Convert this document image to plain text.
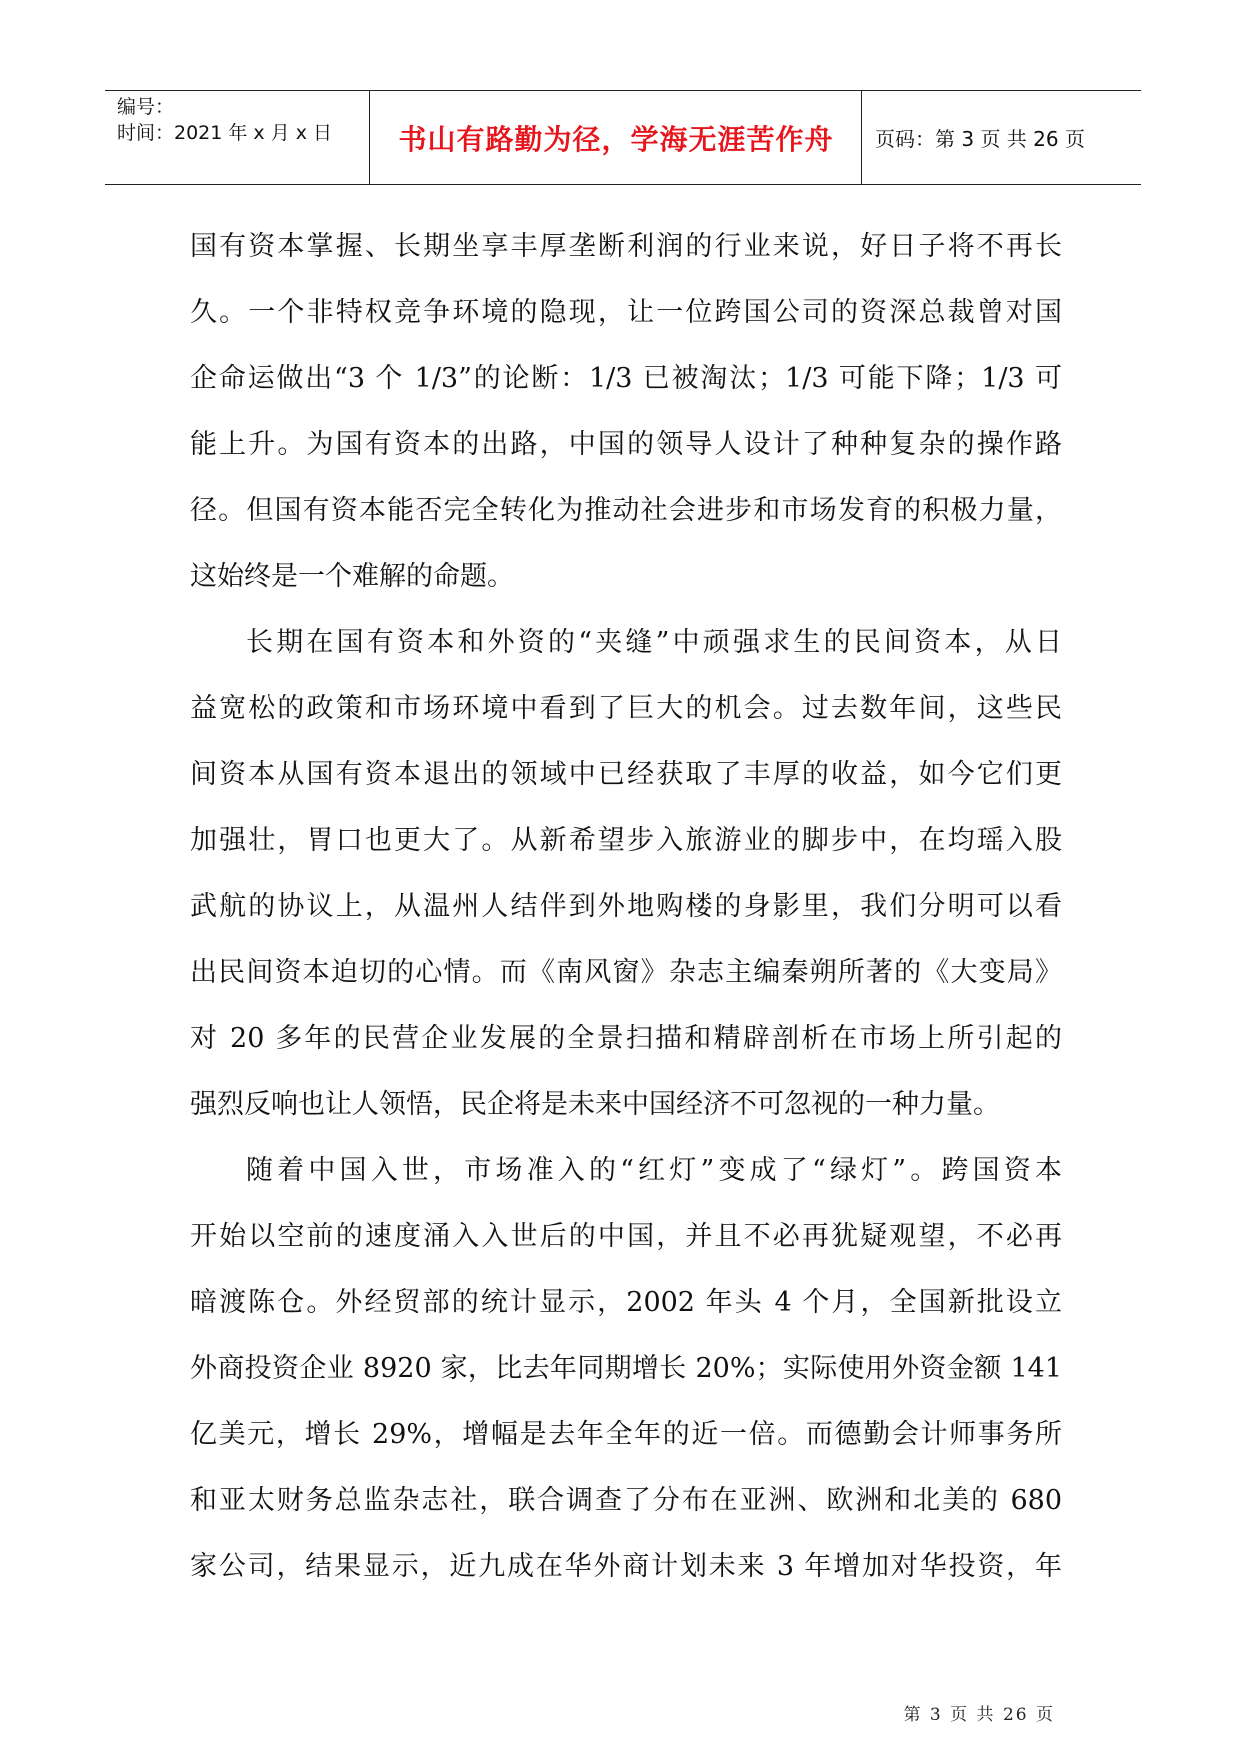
编号：
时间：2021 年 x 月 x 日	书山有路勤为径，学海无涯苦作舟	页码：第 3 页 共 26 页
国有资本掌握、长期坐享丰厚垄断利润的行业来说，好日子将不再长
久。一个非特权竞争环境的隐现，让一位跨国公司的资深总裁曾对国
企命运做出“3 个 1/3”的论断：1/3 已被淘汰；1/3 可能下降；1/3 可
能上升。为国有资本的出路，中国的领导人设计了种种复杂的操作路
径。但国有资本能否完全转化为推动社会进步和市场发育的积极力量，
这始终是一个难解的命题。
长期在国有资本和外资的“夹缝”中顽强求生的民间资本，从日
益宽松的政策和市场环境中看到了巨大的机会。过去数年间，这些民
间资本从国有资本退出的领域中已经获取了丰厚的收益，如今它们更
加强壮，胃口也更大了。从新希望步入旅游业的脚步中，在均瑶入股
武航的协议上，从温州人结伴到外地购楼的身影里，我们分明可以看
出民间资本迫切的心情。而《南风窗》杂志主编秦朔所著的《大变局》
对 20 多年的民营企业发展的全景扫描和精辟剖析在市场上所引起的
强烈反响也让人领悟，民企将是未来中国经济不可忽视的一种力量。
随着中国入世，市场准入的“红灯”变成了“绿灯”。跨国资本
开始以空前的速度涌入入世后的中国，并且不必再犹疑观望，不必再
暗渡陈仓。外经贸部的统计显示，2002 年头 4 个月，全国新批设立
外商投资企业 8920 家，比去年同期增长 20%；实际使用外资金额 141
亿美元，增长 29%，增幅是去年全年的近一倍。而德勤会计师事务所
和亚太财务总监杂志社，联合调查了分布在亚洲、欧洲和北美的 680
家公司，结果显示，近九成在华外商计划未来 3 年增加对华投资，年
第 3 页 共 26 页
